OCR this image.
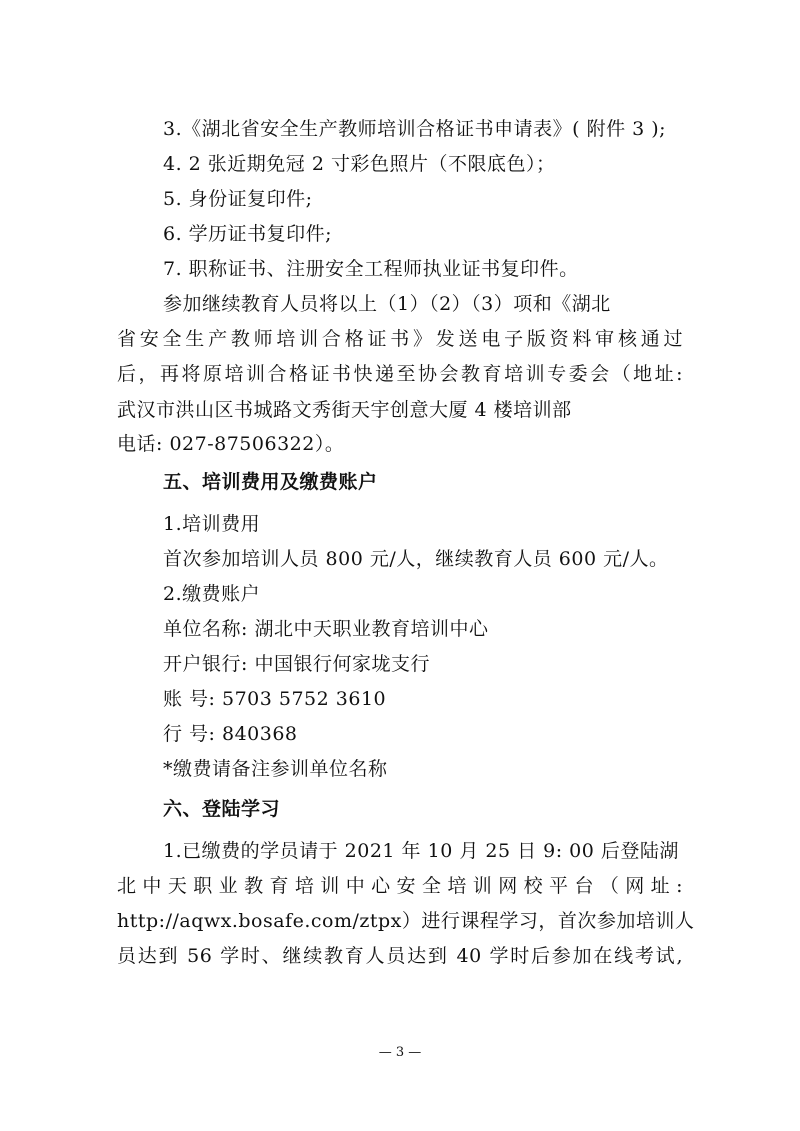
3.《湖北省安全生产教师培训合格证书申请表》( 附件 3 );
4. 2 张近期免冠 2 寸彩色照片（不限底色）；
5. 身份证复印件;
6. 学历证书复印件;
7. 职称证书、注册安全工程师执业证书复印件。
参加继续教育人员将以上（1）（2）（3）项和《湖北
省安全生产教师培训合格证书》发送电子版资料审核通过
后，再将原培训合格证书快递至协会教育培训专委会（地址:
武汉市洪山区书城路文秀街天宇创意大厦 4 楼培训部
电话: 027-87506322）。
五、培训费用及缴费账户
1.培训费用
首次参加培训人员 800 元/人，继续教育人员 600 元/人。
2.缴费账户
单位名称: 湖北中天职业教育培训中心
开户银行: 中国银行何家垅支行
账 号: 5703 5752 3610
行 号: 840368
*缴费请备注参训单位名称
六、登陆学习
1.已缴费的学员请于 2021 年 10 月 25 日 9: 00 后登陆湖
北中天职业教育培训中心安全培训网校平台（网址:
http://aqwx.bosafe.com/ztpx）进行课程学习，首次参加培训人
员达到 56 学时、继续教育人员达到 40 学时后参加在线考试,
— 3 —
